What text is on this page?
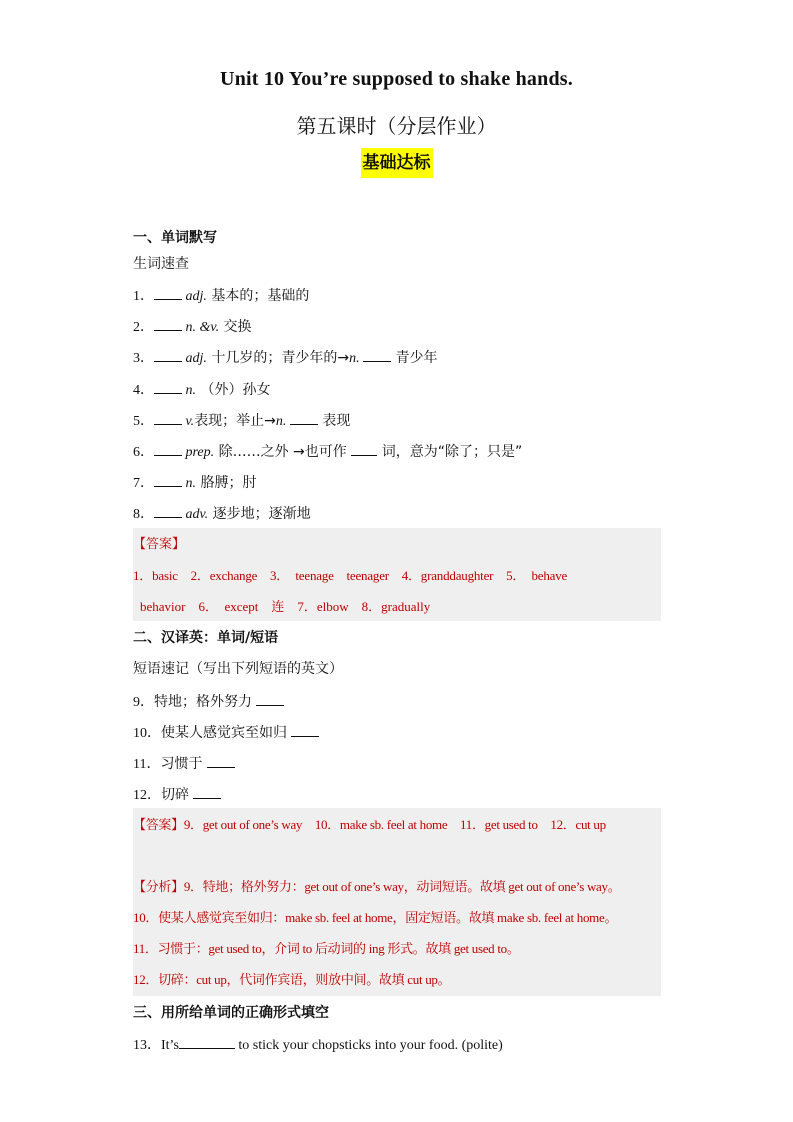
Unit 10 You’re supposed to shake hands.
第五课时（分层作业）
基础达标
一、单词默写
生词速查
1． adj. 基本的；基础的
2． n. &v. 交换
3． adj. 十几岁的；青少年的→n.  青少年
4． n. （外）孙女
5． v.表现；举止→n.  表现
6． prep. 除……之外 →也可作  词，意为“除了；只是”
7． n. 胳膊；肘
8． adv. 逐步地；逐渐地
【答案】
1．basic　2．exchange　3．　teenage　teenager　4．granddaughter　5．　behave
behavior　6．　except　连　7．elbow　8．gradually
二、汉译英：单词/短语
短语速记（写出下列短语的英文）
9．特地；格外努力
10．使某人感觉宾至如归
11．习惯于
12．切碎
【答案】9．get out of one’s way　10．make sb. feel at home　11．get used to　12．cut up
【分析】9．特地；格外努力：get out of one’s way，动词短语。故填 get out of one’s way。
10．使某人感觉宾至如归：make sb. feel at home，固定短语。故填 make sb. feel at home。
11．习惯于：get used to，介词 to 后动词的 ing 形式。故填 get used to。
12．切碎：cut up，代词作宾语，则放中间。故填 cut up。
三、用所给单词的正确形式填空
13．It’s	to stick your chopsticks into your food. (polite)
